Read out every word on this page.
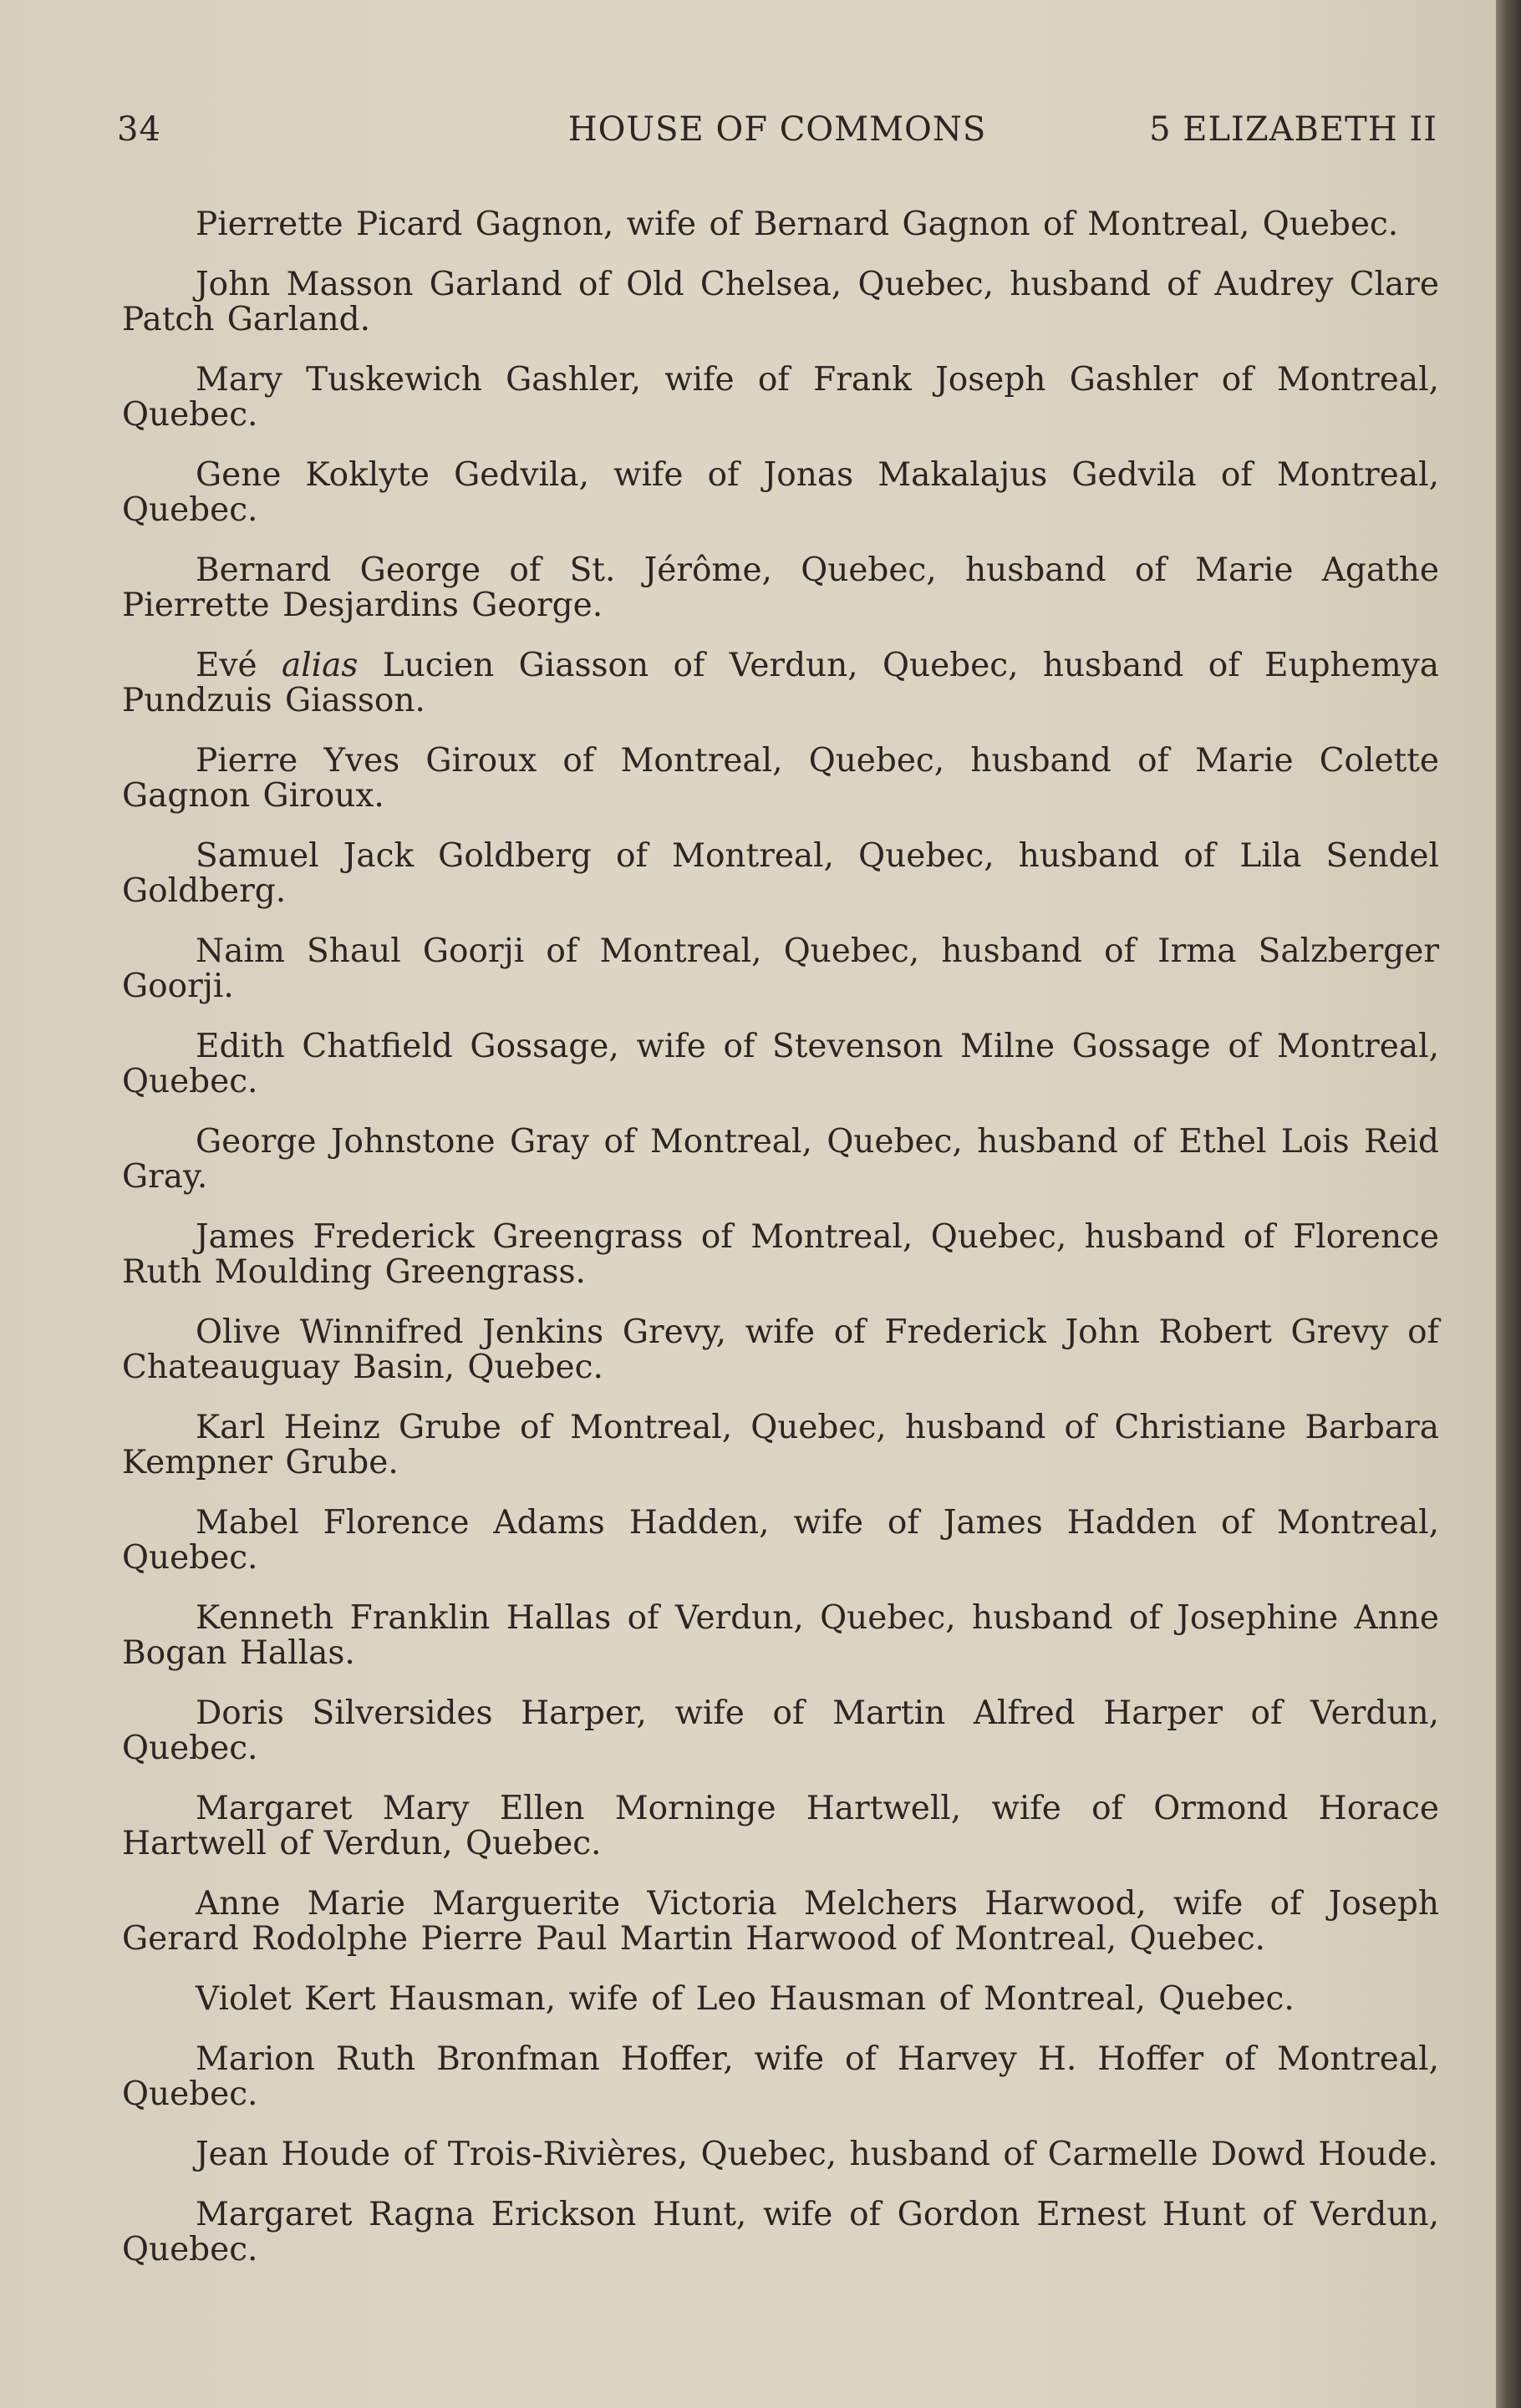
34	HOUSE OF COMMONS	5 ELIZABETH II

Pierrette Picard Gagnon, wife of Bernard Gagnon of Montreal, Quebec.

John Masson Garland of Old Chelsea, Quebec, husband of Audrey Clare Patch Garland.

Mary Tuskewich Gashler, wife of Frank Joseph Gashler of Montreal, Quebec.

Gene Koklyte Gedvila, wife of Jonas Makalajus Gedvila of Montreal, Quebec.

Bernard George of St. Jérôme, Quebec, husband of Marie Agathe Pierrette Desjardins George.

Evé alias Lucien Giasson of Verdun, Quebec, husband of Euphemya Pundzuis Giasson.

Pierre Yves Giroux of Montreal, Quebec, husband of Marie Colette Gagnon Giroux.

Samuel Jack Goldberg of Montreal, Quebec, husband of Lila Sendel Goldberg.

Naim Shaul Goorji of Montreal, Quebec, husband of Irma Salzberger Goorji.

Edith Chatfield Gossage, wife of Stevenson Milne Gossage of Montreal, Quebec.

George Johnstone Gray of Montreal, Quebec, husband of Ethel Lois Reid Gray.

James Frederick Greengrass of Montreal, Quebec, husband of Florence Ruth Moulding Greengrass.

Olive Winnifred Jenkins Grevy, wife of Frederick John Robert Grevy of Chateauguay Basin, Quebec.

Karl Heinz Grube of Montreal, Quebec, husband of Christiane Barbara Kempner Grube.

Mabel Florence Adams Hadden, wife of James Hadden of Montreal, Quebec.

Kenneth Franklin Hallas of Verdun, Quebec, husband of Josephine Anne Bogan Hallas.

Doris Silversides Harper, wife of Martin Alfred Harper of Verdun, Quebec.

Margaret Mary Ellen Morninge Hartwell, wife of Ormond Horace Hartwell of Verdun, Quebec.

Anne Marie Marguerite Victoria Melchers Harwood, wife of Joseph Gerard Rodolphe Pierre Paul Martin Harwood of Montreal, Quebec.

Violet Kert Hausman, wife of Leo Hausman of Montreal, Quebec.

Marion Ruth Bronfman Hoffer, wife of Harvey H. Hoffer of Montreal, Quebec.

Jean Houde of Trois-Rivières, Quebec, husband of Carmelle Dowd Houde.

Margaret Ragna Erickson Hunt, wife of Gordon Ernest Hunt of Verdun, Quebec.
